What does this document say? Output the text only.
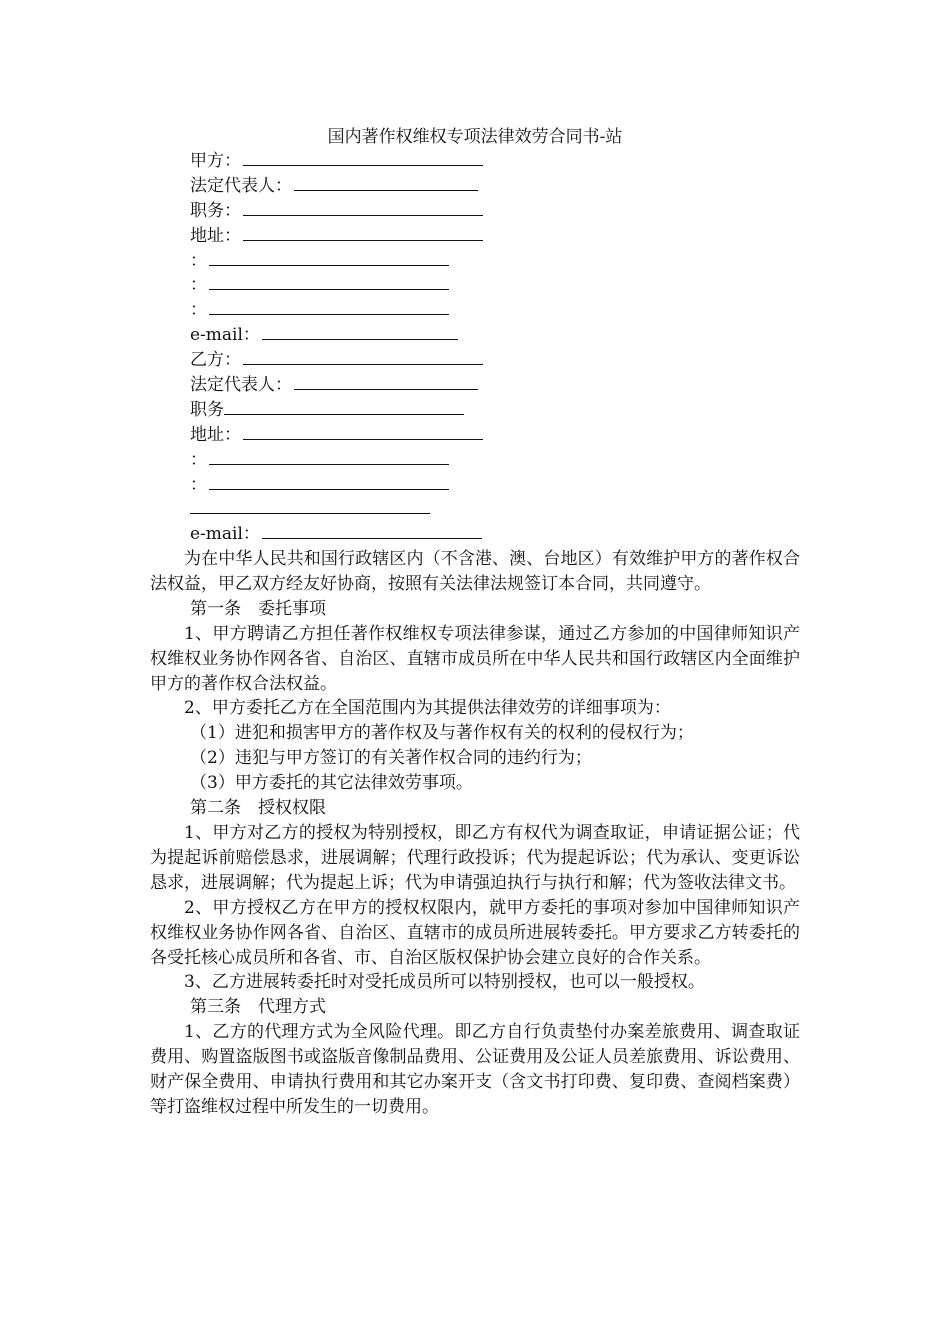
国内著作权维权专项法律效劳合同书-站
甲方：
法定代表人：
职务：
地址：
：
：
：
e-mail：
乙方：
法定代表人：
职务
地址：
：
：
e-mail：

为在中华人民共和国行政辖区内（不含港、澳、台地区）有效维护甲方的著作权合法权益，甲乙双方经友好协商，按照有关法律法规签订本合同，共同遵守。

第一条　委托事项

1、甲方聘请乙方担任著作权维权专项法律参谋，通过乙方参加的中国律师知识产权维权业务协作网各省、自治区、直辖市成员所在中华人民共和国行政辖区内全面维护甲方的著作权合法权益。

2、甲方委托乙方在全国范围内为其提供法律效劳的详细事项为：

（1）进犯和损害甲方的著作权及与著作权有关的权利的侵权行为；

（2）违犯与甲方签订的有关著作权合同的违约行为；

（3）甲方委托的其它法律效劳事项。

第二条　授权权限

1、甲方对乙方的授权为特别授权，即乙方有权代为调查取证，申请证据公证；代为提起诉前赔偿恳求，进展调解；代理行政投诉；代为提起诉讼；代为承认、变更诉讼恳求，进展调解；代为提起上诉；代为申请强迫执行与执行和解；代为签收法律文书。

2、甲方授权乙方在甲方的授权权限内，就甲方委托的事项对参加中国律师知识产权维权业务协作网各省、自治区、直辖市的成员所进展转委托。甲方要求乙方转委托的各受托核心成员所和各省、市、自治区版权保护协会建立良好的合作关系。

3、乙方进展转委托时对受托成员所可以特别授权，也可以一般授权。

第三条　代理方式

1、乙方的代理方式为全风险代理。即乙方自行负责垫付办案差旅费用、调查取证费用、购置盗版图书或盗版音像制品费用、公证费用及公证人员差旅费用、诉讼费用、财产保全费用、申请执行费用和其它办案开支（含文书打印费、复印费、查阅档案费）等打盗维权过程中所发生的一切费用。
